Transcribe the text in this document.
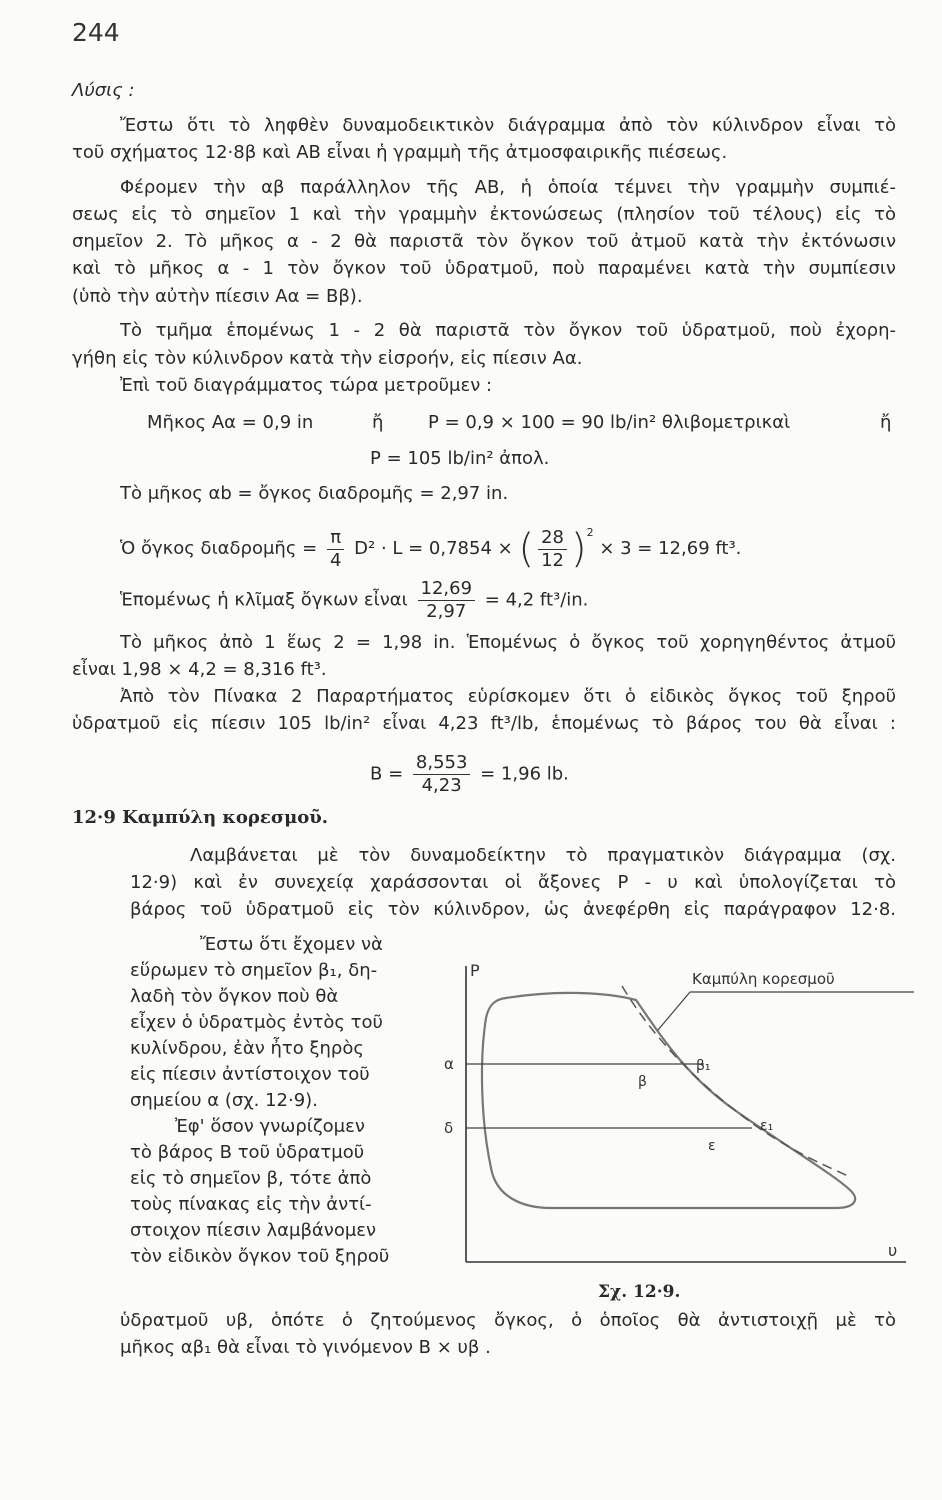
244
Λύσις :
Ἔστω ὅτι τὸ ληφθὲν δυναμοδεικτικὸν διάγραμμα ἀπὸ τὸν κύλινδρον εἶναι τὸ
τοῦ σχήματος 12·8β καὶ ΑΒ εἶναι ἡ γραμμὴ τῆς ἀτμοσφαιρικῆς πιέσεως.
Φέρομεν τὴν αβ παράλληλον τῆς ΑΒ, ἡ ὁποία τέμνει τὴν γραμμὴν συμπιέ-
σεως εἰς τὸ σημεῖον 1 καὶ τὴν γραμμὴν ἐκτονώσεως (πλησίον τοῦ τέλους) εἰς τὸ
σημεῖον 2. Τὸ μῆκος α - 2 θὰ παριστᾶ τὸν ὄγκον τοῦ ἀτμοῦ κατὰ τὴν ἐκτόνωσιν
καὶ τὸ μῆκος α - 1 τὸν ὄγκον τοῦ ὑδρατμοῦ, ποὺ παραμένει κατὰ τὴν συμπίεσιν
(ὑπὸ τὴν αὐτὴν πίεσιν Αα = Ββ).
Τὸ τμῆμα ἑπομένως 1 - 2 θὰ παριστᾶ τὸν ὄγκον τοῦ ὑδρατμοῦ, ποὺ ἐχορη-
γήθη εἰς τὸν κύλινδρον κατὰ τὴν εἰσροήν, εἰς πίεσιν Αα.
Ἐπὶ τοῦ διαγράμματος τώρα μετροῦμεν :
Μῆκος Αα = 0,9 in	ἤ P = 0,9 × 100 = 90 lb/in² θλιβομετρικαὶ	ἤ
P = 105 lb/in² ἀπολ.
Τὸ μῆκος αb = ὄγκος διαδρομῆς = 2,97 in.
Ὁ ὄγκος διαδρομῆς = $\frac{\pi}{4} D^2 \cdot L = 0,7854$ × ( $\frac{28}{12} )^2 \times 3 = 12,69$ ft³.
Ἑπομένως ἡ κλῖμαξ ὄγκων εἶναι $\frac{12,69}{2,97} = 4,2$ ft³/in.
Τὸ μῆκος ἀπὸ 1 ἕως 2 = 1,98 in. Ἑπομένως ὁ ὄγκος τοῦ χορηγηθέντος ἀτμοῦ
εἶναι 1,98 × 4,2 = 8,316 ft³.
Ἀπὸ τὸν Πίνακα 2 Παραρτήματος εὑρίσκομεν ὅτι ὁ εἰδικὸς ὄγκος τοῦ ξηροῦ
ὑδρατμοῦ εἰς πίεσιν 105 lb/in² εἶναι 4,23 ft³/lb, ἑπομένως τὸ βάρος του θὰ εἶναι :
$B = \frac{8,553}{4,23} = 1,96$ lb.
12·9 Καμπύλη κορεσμοῦ.
Λαμβάνεται μὲ τὸν δυναμοδείκτην τὸ πραγματικὸν διάγραμμα (σχ.
12·9) καὶ ἐν συνεχείᾳ χαράσσονται οἱ ἄξονες P - υ καὶ ὑπολογίζεται τὸ
βάρος τοῦ ὑδρατμοῦ εἰς τὸν κύλινδρον, ὡς ἀνεφέρθη εἰς παράγραφον 12·8.
Ἔστω ὅτι ἔχομεν νὰ
εὕρωμεν τὸ σημεῖον β₁, δη-
λαδὴ τὸν ὄγκον ποὺ θὰ
εἶχεν ὁ ὑδρατμὸς ἐντὸς τοῦ
κυλίνδρου, ἐὰν ἦτο ξηρὸς
εἰς πίεσιν ἀντίστοιχον τοῦ
σημείου α (σχ. 12·9).
Ἐφ' ὅσον γνωρίζομεν
τὸ βάρος Β τοῦ ὑδρατμοῦ
εἰς τὸ σημεῖον β, τότε ἀπὸ
τοὺς πίνακας εἰς τὴν ἀντί-
στοιχον πίεσιν λαμβάνομεν
τὸν εἰδικὸν ὄγκον τοῦ ξηροῦ
P
υ
Καμπύλη κορεσμοῦ
α
δ
β
β₁
ε
ε₁
Σχ. 12·9.
ὑδρατμοῦ υβ, ὁπότε ὁ ζητούμενος ὄγκος, ὁ ὁποῖος θὰ ἀντιστοιχῇ μὲ τὸ
μῆκος αβ₁ θὰ εἶναι τὸ γινόμενον Β × υβ .
